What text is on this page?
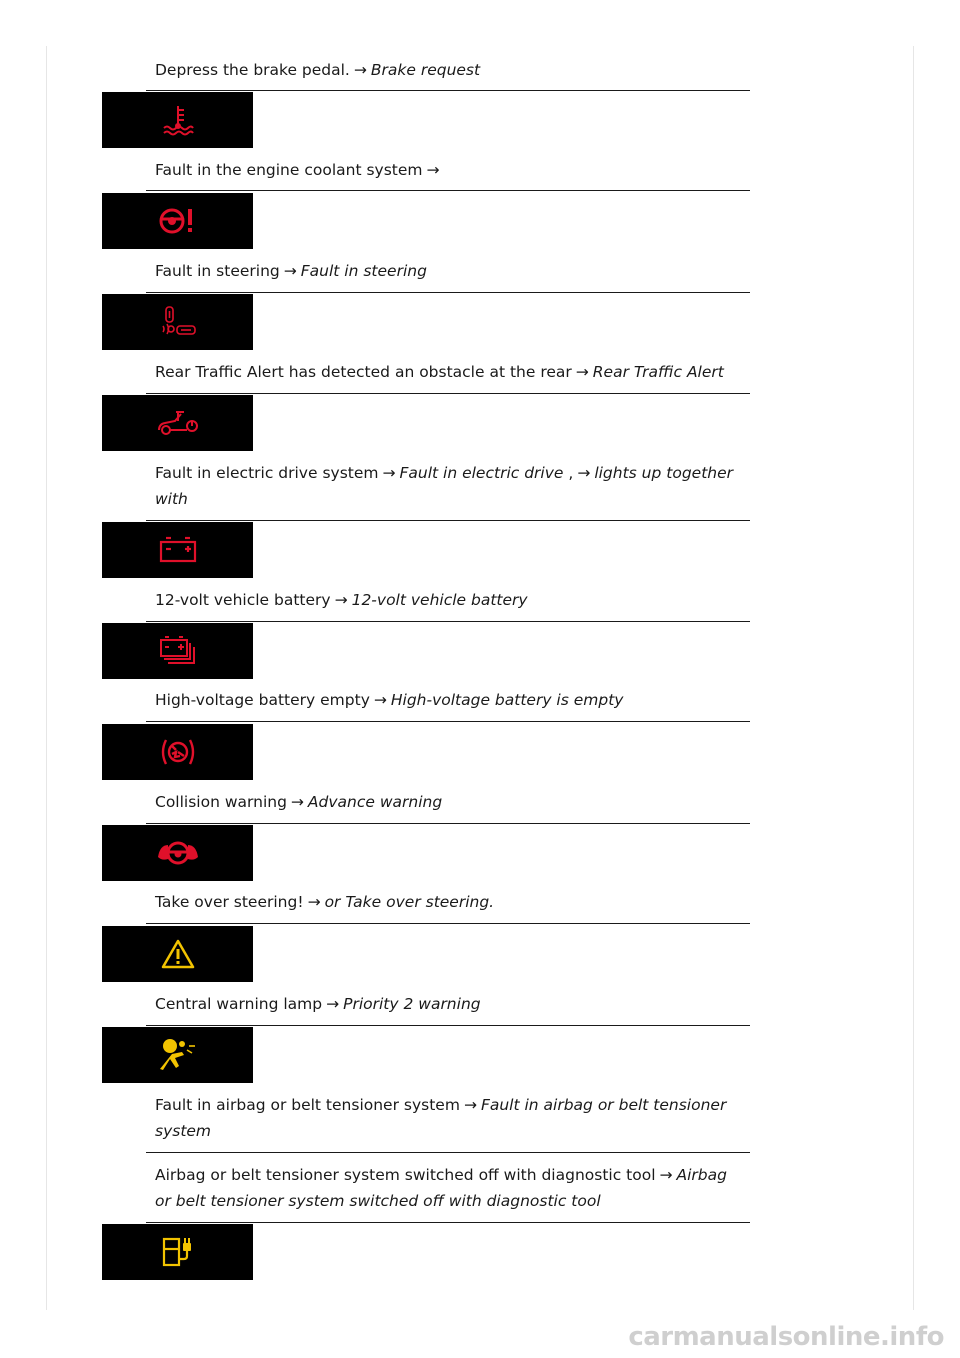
Depress the brake pedal. → Brake request
Fault in the engine coolant system →
Fault in steering → Fault in steering
Rear Traffic Alert has detected an obstacle at the rear → Rear Traffic Alert
Fault in electric drive system → Fault in electric drive , → lights up together with
12-volt vehicle battery → 12-volt vehicle battery
High-voltage battery empty → High-voltage battery is empty
Collision warning → Advance warning
Take over steering! → or Take over steering.
Central warning lamp → Priority 2 warning
Fault in airbag or belt tensioner system → Fault in airbag or belt tensioner system
Airbag or belt tensioner system switched off with diagnostic tool → Airbag or belt tensioner system switched off with diagnostic tool
carmanualsonline.info
